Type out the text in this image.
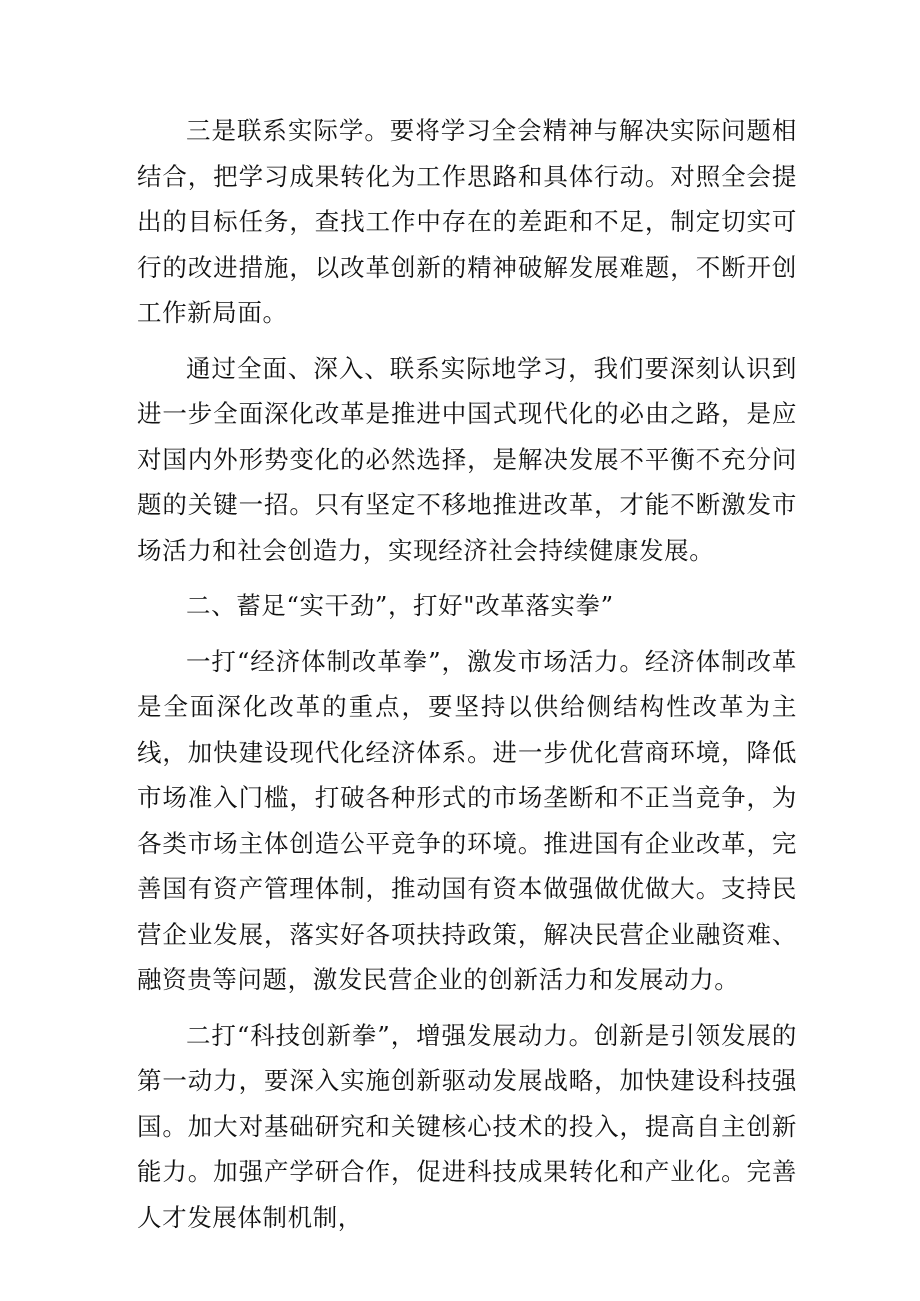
三是联系实际学。要将学习全会精神与解决实际问题相结合，把学习成果转化为工作思路和具体行动。对照全会提出的目标任务，查找工作中存在的差距和不足，制定切实可行的改进措施，以改革创新的精神破解发展难题，不断开创工作新局面。

通过全面、深入、联系实际地学习，我们要深刻认识到进一步全面深化改革是推进中国式现代化的必由之路，是应对国内外形势变化的必然选择，是解决发展不平衡不充分问题的关键一招。只有坚定不移地推进改革，才能不断激发市场活力和社会创造力，实现经济社会持续健康发展。

二、蓄足“实干劲”，打好"改革落实拳”

一打“经济体制改革拳”，激发市场活力。经济体制改革是全面深化改革的重点，要坚持以供给侧结构性改革为主线，加快建设现代化经济体系。进一步优化营商环境，降低市场准入门槛，打破各种形式的市场垄断和不正当竞争，为各类市场主体创造公平竞争的环境。推进国有企业改革，完善国有资产管理体制，推动国有资本做强做优做大。支持民营企业发展，落实好各项扶持政策，解决民营企业融资难、融资贵等问题，激发民营企业的创新活力和发展动力。

二打“科技创新拳”，增强发展动力。创新是引领发展的第一动力，要深入实施创新驱动发展战略，加快建设科技强国。加大对基础研究和关键核心技术的投入，提高自主创新能力。加强产学研合作，促进科技成果转化和产业化。完善人才发展体制机制，
